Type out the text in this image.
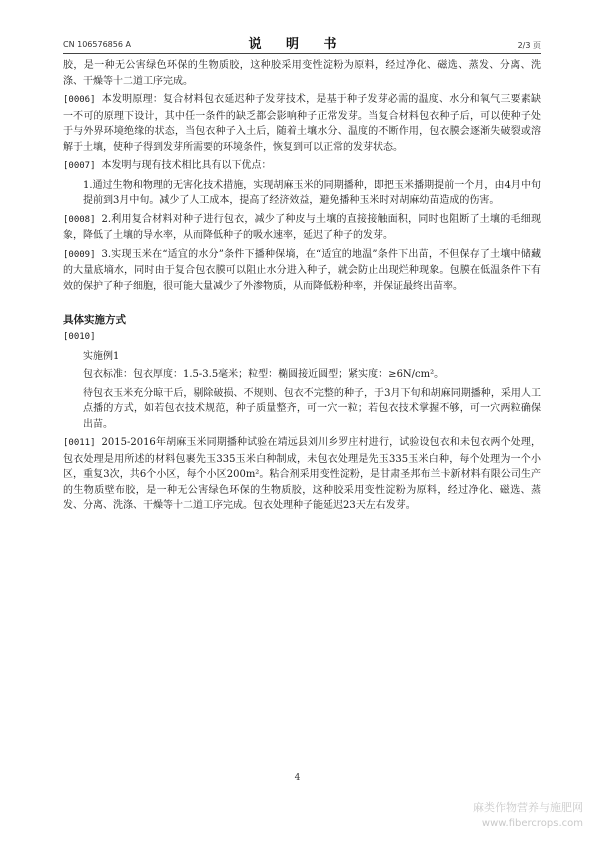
CN 106576856 A	说 明 书	2/3 页

胶，是一种无公害绿色环保的生物质胶，这种胶采用变性淀粉为原料，经过净化、磁选、蒸发、分离、洗涤、干燥等十二道工序完成。

[0006] 本发明原理：复合材料包衣延迟种子发芽技术，是基于种子发芽必需的温度、水分和氧气三要素缺一不可的原理下设计，其中任一条件的缺乏都会影响种子正常发芽。当复合材料包衣种子后，可以使种子处于与外界环境绝缘的状态，当包衣种子入土后，随着土壤水分、温度的不断作用，包衣膜会逐渐失破裂或溶解于土壤，使种子得到发芽所需要的环境条件，恢复到可以正常的发芽状态。

[0007] 本发明与现有技术相比具有以下优点：

1.通过生物和物理的无害化技术措施，实现胡麻玉米的同期播种，即把玉米播期提前一个月，由4月中旬提前到3月中旬。减少了人工成本，提高了经济效益，避免播种玉米时对胡麻幼苗造成的伤害。

[0008] 2.利用复合材料对种子进行包衣，减少了种皮与土壤的直接接触面积，同时也阻断了土壤的毛细现象，降低了土壤的导水率，从而降低种子的吸水速率，延迟了种子的发芽。

[0009] 3.实现玉米在“适宜的水分”条件下播种保墒，在“适宜的地温”条件下出苗，不但保存了土壤中储藏的大量底墒水，同时由于复合包衣膜可以阻止水分进入种子，就会防止出现烂种现象。包膜在低温条件下有效的保护了种子细胞，很可能大量减少了外渗物质，从而降低粉种率，并保证最终出苗率。

具体实施方式

[0010]

实施例1

包衣标准：包衣厚度：1.5-3.5毫米；粒型：椭圆接近圆型；紧实度：≥6N/cm²。

待包衣玉米充分晾干后，剔除破损、不规则、包衣不完整的种子，于3月下旬和胡麻同期播种，采用人工点播的方式，如若包衣技术规范，种子质量整齐，可一穴一粒；若包衣技术掌握不够，可一穴两粒确保出苗。

[0011] 2015-2016年胡麻玉米同期播种试验在靖远县刘川乡罗庄村进行，试验设包衣和未包衣两个处理，包衣处理是用所述的材料包裹先玉335玉米白种制成，未包衣处理是先玉335玉米白种，每个处理为一个小区，重复3次，共6个小区，每个小区200m²。粘合剂采用变性淀粉，是甘肃圣邦布兰卡新材料有限公司生产的生物质壁布胶，是一种无公害绿色环保的生物质胶，这种胶采用变性淀粉为原料，经过净化、磁选、蒸发、分离、洗涤、干燥等十二道工序完成。包衣处理种子能延迟23天左右发芽。

4
麻类作物营养与施肥网
www.fibercrops.com
